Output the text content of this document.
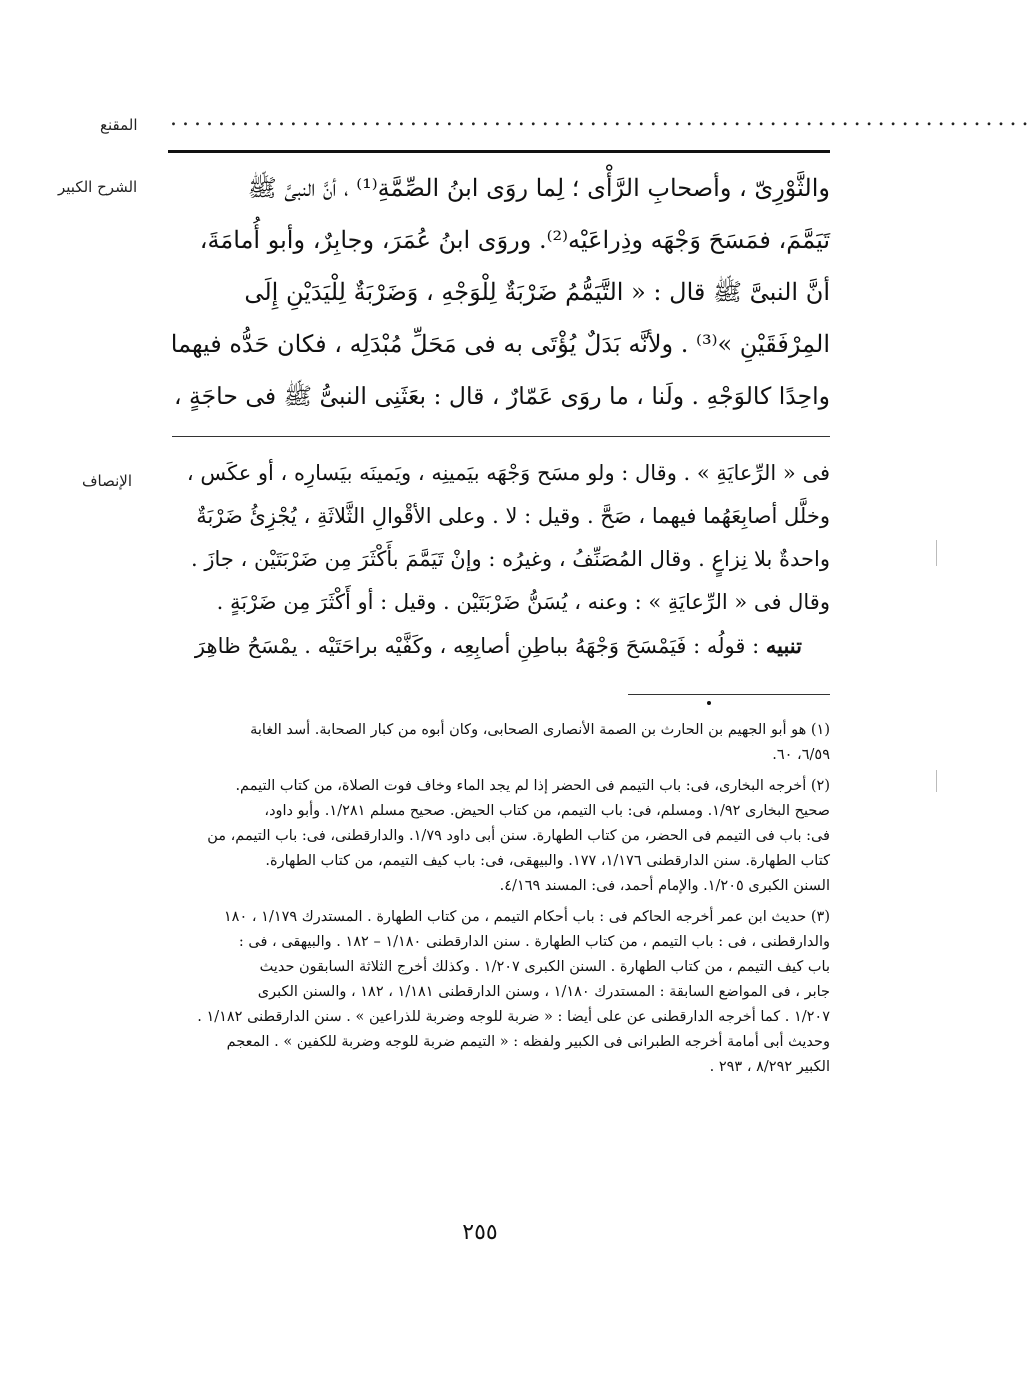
المقنع ........................................................................
الشرح الكبير	والثَّوْرِىّ ، وأصحابِ الرَّأْى ؛ لِما روَى ابنُ الصِّمَّةِ⁽¹⁾ ، أنَّ النبىَّ ﷺ

تَيَمَّمَ، فمَسَحَ وَجْهَه وذِراعَيْه⁽²⁾. وروَى ابنُ عُمَرَ، وجابِرٌ، وأبو أُمامَةَ،

أنَّ النبىَّ ﷺ قال : « التَّيَمُّمُ ضَرْبَةٌ لِلْوَجْهِ ، وَضَرْبَةٌ لِلْيَدَيْنِ إِلَى

المِرْفَقَيْنِ »⁽³⁾ . ولأنَّه بَدَلٌ يُؤْتَى به فى مَحَلِّ مُبْدَلِه ، فكان حَدُّه فيهما

واحِدًا كالوَجْهِ . ولَنا ، ما روَى عَمّارٌ ، قال : بعَثَنِى النبىُّ ﷺ فى حاجَةٍ ،

الإنصاف	فى « الرِّعايَةِ » . وقال : ولو مسَح وَجْهَه بيَمينِه ، ويَمينَه بيَسارِه ، أو عكَس ،

وخلَّل أصابِعَهُما فيهما ، صَحَّ . وقيل : لا . وعلى الأقْوالِ الثَّلاثَةِ ، يُجْزِئُ ضَرْبَةٌ

واحدةٌ بلا نِزاعٍ . وقال المُصَنِّفُ ، وغيرُه : وإنْ تَيَمَّمَ بأَكْثَرَ مِن ضَرْبَتَيْن ، جازَ .

وقال فى « الرِّعايَةِ » : وعنه ، يُسَنُّ ضَرْبَتَيْن . وقيل : أو أَكْثَرَ مِن ضَرْبَةٍ .

تنبيه : قولُه : فَيَمْسَحَ وَجْهَهُ بباطِنِ أصابِعِه ، وكَفَّيْه براحَتَيْه . يمْسَحُ ظاهِرَ

(١) هو أبو الجهيم بن الحارث بن الصمة الأنصارى الصحابى، وكان أبوه من كبار الصحابة. أسد الغابة

٦/٥٩، ٦٠.

(٢) أخرجه البخارى، فى: باب التيمم فى الحضر إذا لم يجد الماء وخاف فوت الصلاة، من كتاب التيمم.

صحيح البخارى ١/٩٢. ومسلم، فى: باب التيمم، من كتاب الحيض. صحيح مسلم ١/٢٨١. وأبو داود،

فى: باب فى التيمم فى الحضر، من كتاب الطهارة. سنن أبى داود ١/٧٩. والدارقطنى، فى: باب التيمم، من

كتاب الطهارة. سنن الدارقطنى ١/١٧٦، ١٧٧. والبيهقى، فى: باب كيف التيمم، من كتاب الطهارة.

السنن الكبرى ١/٢٠٥. والإمام أحمد، فى: المسند ٤/١٦٩.

(٣) حديث ابن عمر أخرجه الحاكم فى : باب أحكام التيمم ، من كتاب الطهارة . المستدرك ١/١٧٩ ، ١٨٠

والدارقطنى ، فى : باب التيمم ، من كتاب الطهارة . سنن الدارقطنى ١/١٨٠ – ١٨٢ . والبيهقى ، فى :

باب كيف التيمم ، من كتاب الطهارة . السنن الكبرى ١/٢٠٧ . وكذلك أخرج الثلاثة السابقون حديث

جابر ، فى المواضع السابقة : المستدرك ١/١٨٠ ، وسنن الدارقطنى ١/١٨١ ، ١٨٢ ، والسنن الكبرى

١/٢٠٧ . كما أخرجه الدارقطنى عن على أيضا : « ضربة للوجه وضربة للذراعين » . سنن الدارقطنى ١/١٨٢ .

وحديث أبى أمامة أخرجه الطبرانى فى الكبير ولفظه : « التيمم ضربة للوجه وضربة للكفين » . المعجم

الكبير ٨/٢٩٢ ، ٢٩٣ .

٢٥٥
